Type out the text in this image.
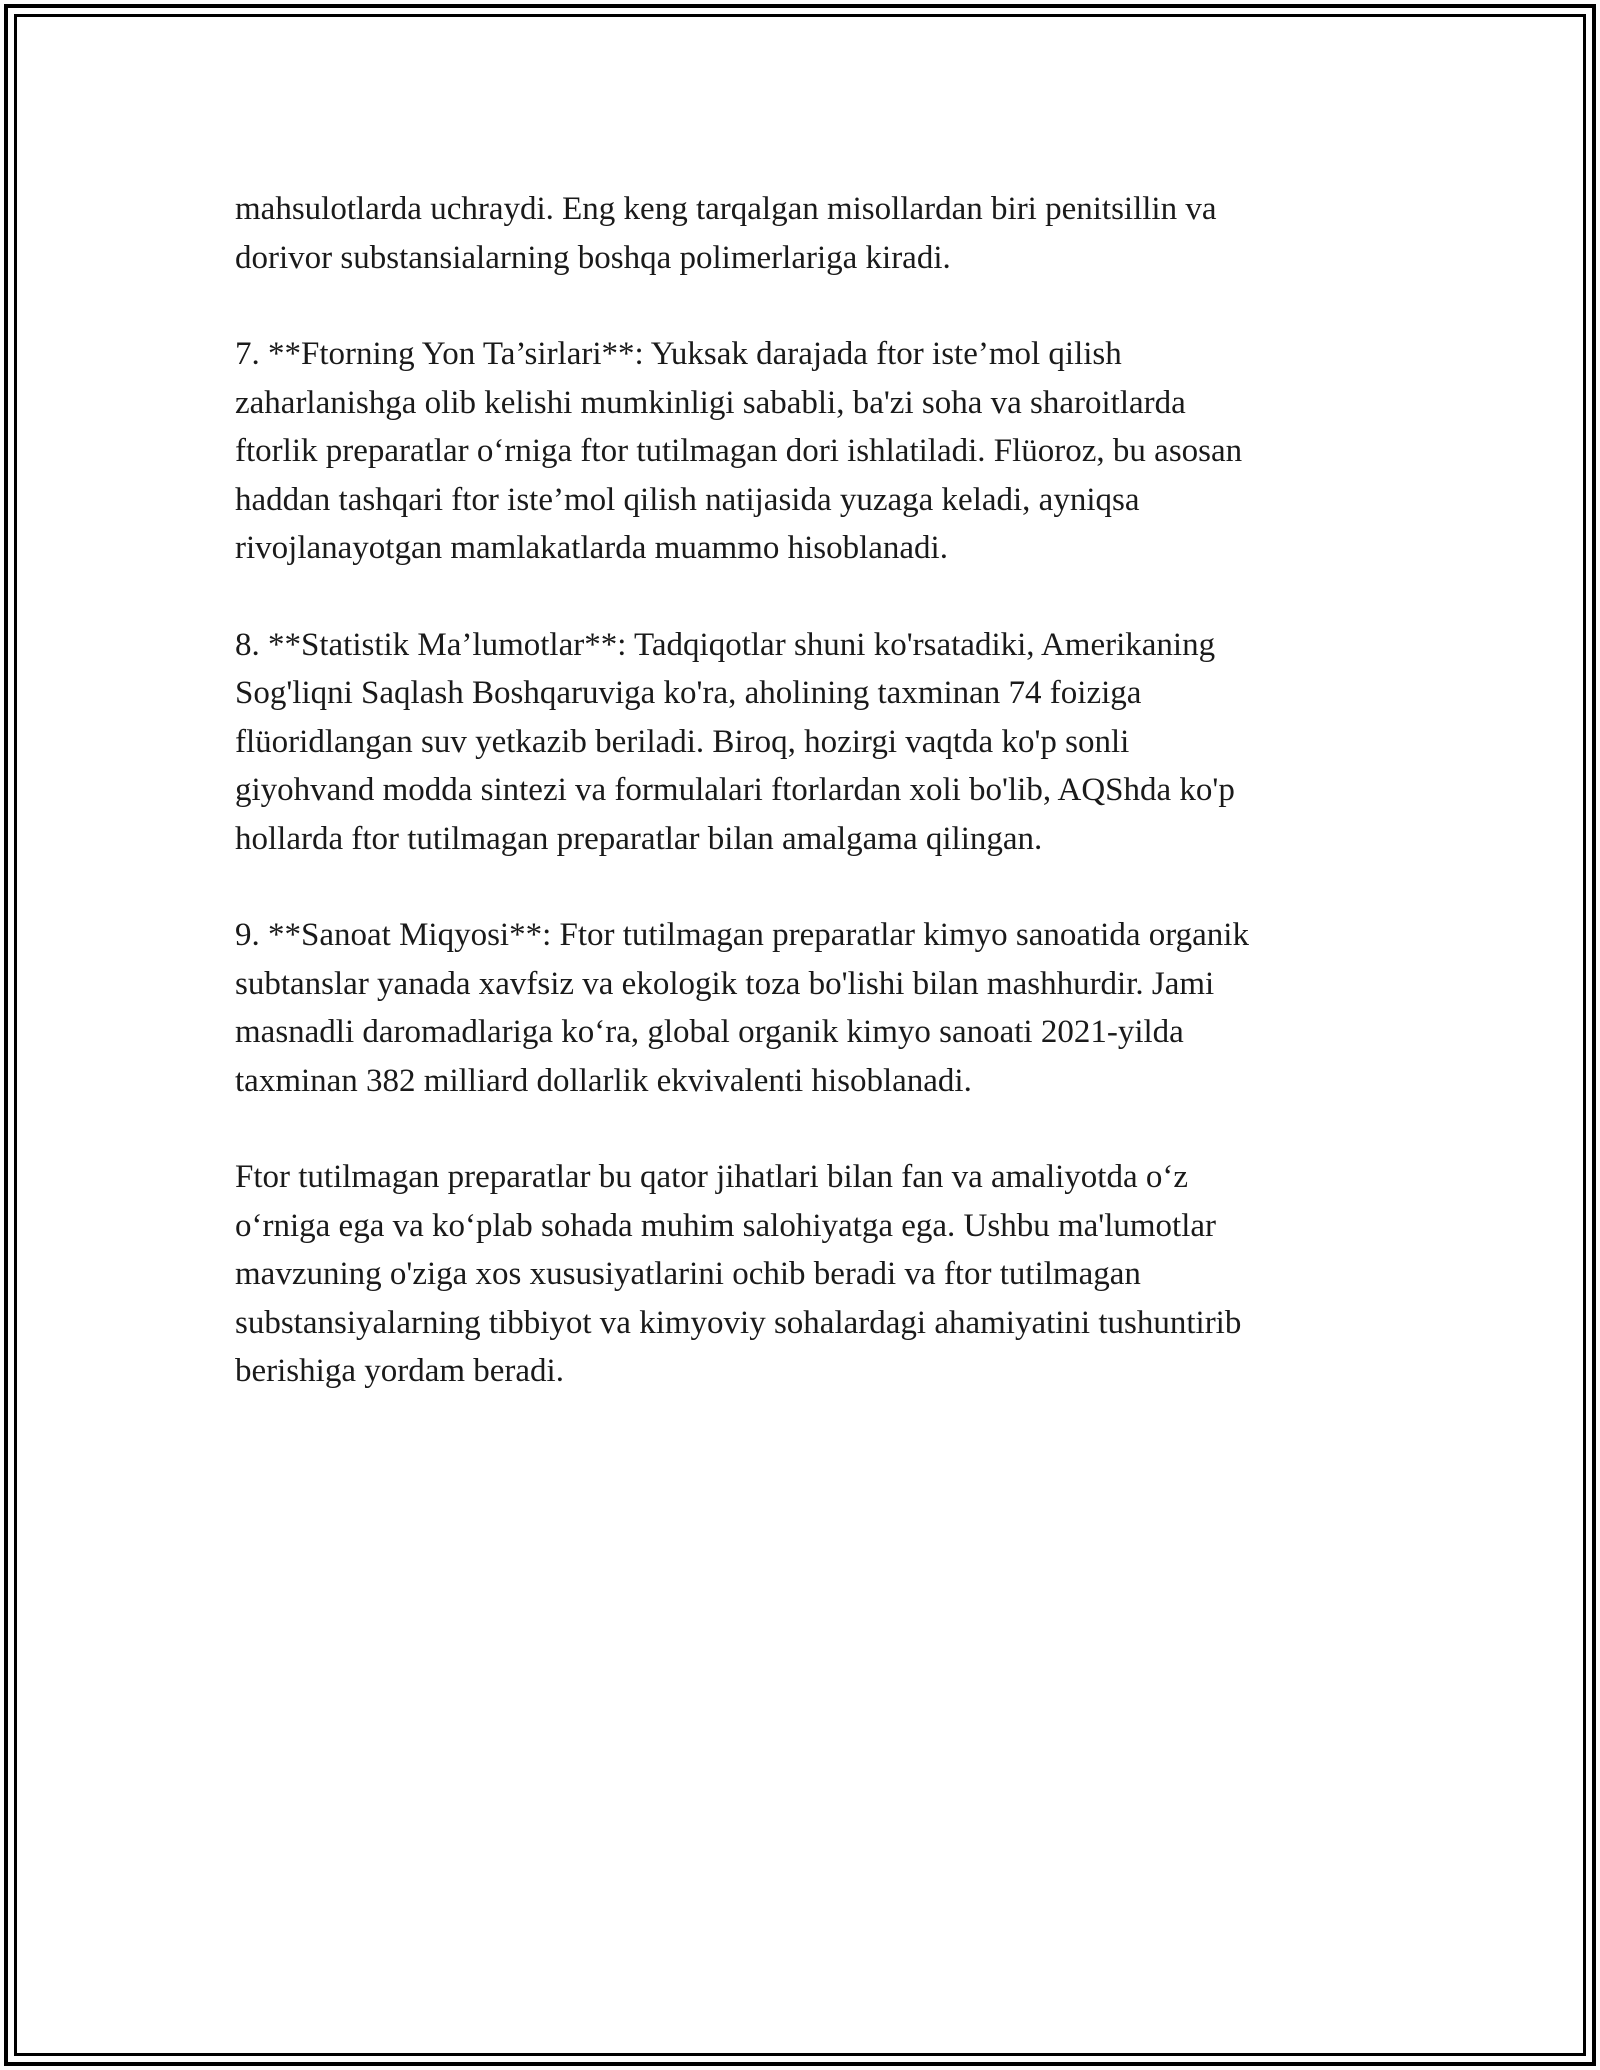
mahsulotlarda uchraydi. Eng keng tarqalgan misollardan biri penitsillin va
dorivor substansialarning boshqa polimerlariga kiradi.

7. **Ftorning Yon Ta’sirlari**: Yuksak darajada ftor iste’mol qilish
zaharlanishga olib kelishi mumkinligi sababli, ba'zi soha va sharoitlarda
ftorlik preparatlar o‘rniga ftor tutilmagan dori ishlatiladi. Flüoroz, bu asosan
haddan tashqari ftor iste’mol qilish natijasida yuzaga keladi, ayniqsa
rivojlanayotgan mamlakatlarda muammo hisoblanadi.

8. **Statistik Ma’lumotlar**: Tadqiqotlar shuni ko'rsatadiki, Amerikaning
Sog'liqni Saqlash Boshqaruviga ko'ra, aholining taxminan 74 foiziga
flüoridlangan suv yetkazib beriladi. Biroq, hozirgi vaqtda ko'p sonli
giyohvand modda sintezi va formulalari ftorlardan xoli bo'lib, AQShda ko'p
hollarda ftor tutilmagan preparatlar bilan amalgama qilingan.

9. **Sanoat Miqyosi**: Ftor tutilmagan preparatlar kimyo sanoatida organik
subtanslar yanada xavfsiz va ekologik toza bo'lishi bilan mashhurdir. Jami
masnadli daromadlariga ko‘ra, global organik kimyo sanoati 2021-yilda
taxminan 382 milliard dollarlik ekvivalenti hisoblanadi.

Ftor tutilmagan preparatlar bu qator jihatlari bilan fan va amaliyotda o‘z
o‘rniga ega va ko‘plab sohada muhim salohiyatga ega. Ushbu ma'lumotlar
mavzuning o'ziga xos xususiyatlarini ochib beradi va ftor tutilmagan
substansiyalarning tibbiyot va kimyoviy sohalardagi ahamiyatini tushuntirib
berishiga yordam beradi.
